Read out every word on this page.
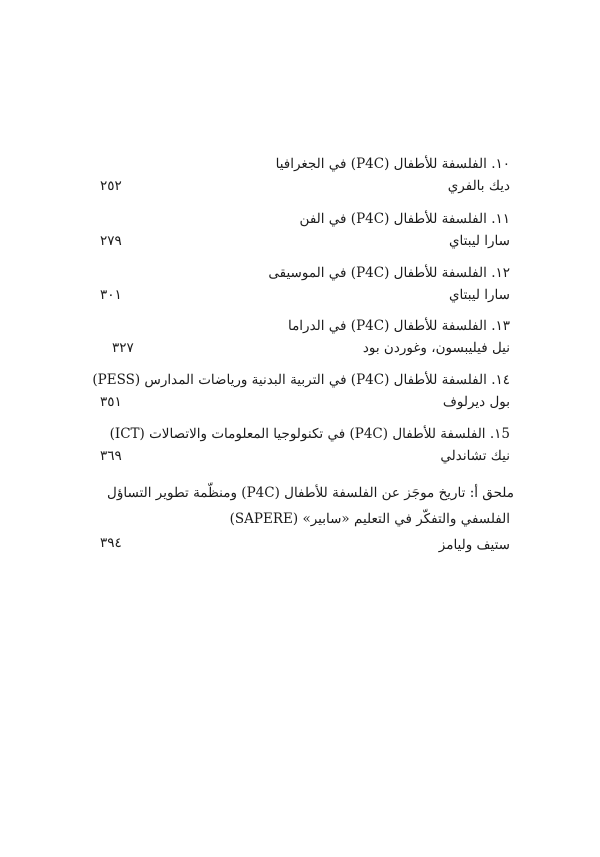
١٠. الفلسفة للأطفال (P4C) في الجغرافيا
ديك بالفري
٢٥٢
١١. الفلسفة للأطفال (P4C) في الفن
سارا ليبتاي
٢٧٩
١٢. الفلسفة للأطفال (P4C) في الموسيقى
سارا ليبتاي
٣٠١
١٣. الفلسفة للأطفال (P4C) في الدراما
نيل فيليبسون، وغوردن بود
٣٢٧
١٤. الفلسفة للأطفال (P4C) في التربية البدنية ورياضات المدارس (PESS)
بول ديرلوف
٣٥١
١5. الفلسفة للأطفال (P4C) في تكنولوجيا المعلومات والاتصالات (ICT)
نيك تشاندلي
٣٦٩
ملحق أ: تاريخ موجَز عن الفلسفة للأطفال (P4C) ومنظّمة تطوير التساؤل
الفلسفي والتفكّر في التعليم «سابير» (SAPERE)
ستيف وليامز
٣٩٤
